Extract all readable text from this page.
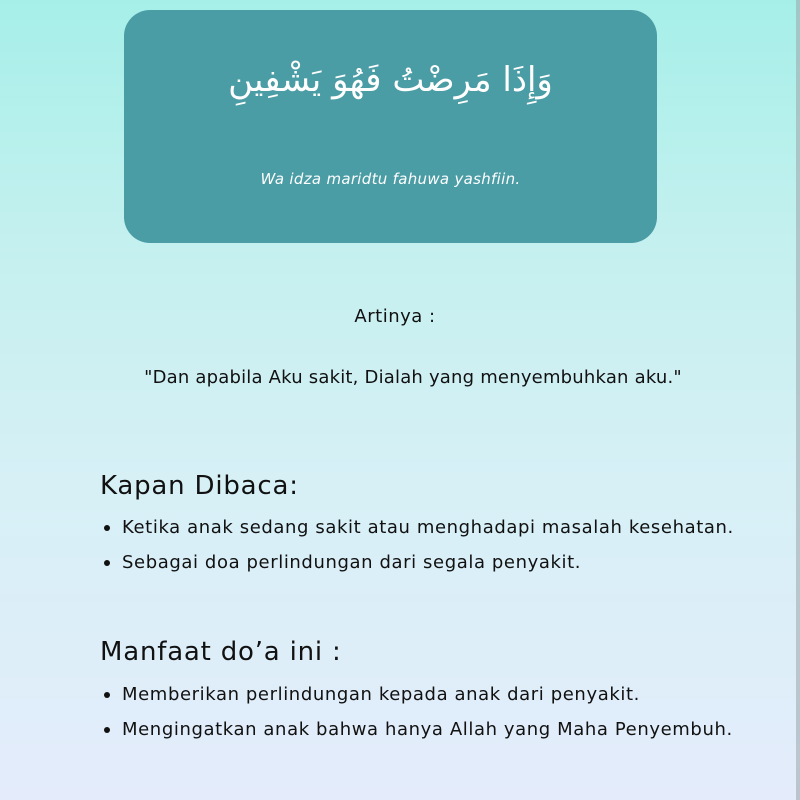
وَإِذَا مَرِضْتُ فَهُوَ يَشْفِينِ
Wa idza maridtu fahuwa yashfiin.
Artinya :
"Dan apabila Aku sakit, Dialah yang menyembuhkan aku."
Kapan Dibaca:
Ketika anak sedang sakit atau menghadapi masalah kesehatan.
Sebagai doa perlindungan dari segala penyakit.
Manfaat do’a ini :
Memberikan perlindungan kepada anak dari penyakit.
Mengingatkan anak bahwa hanya Allah yang Maha Penyembuh.
